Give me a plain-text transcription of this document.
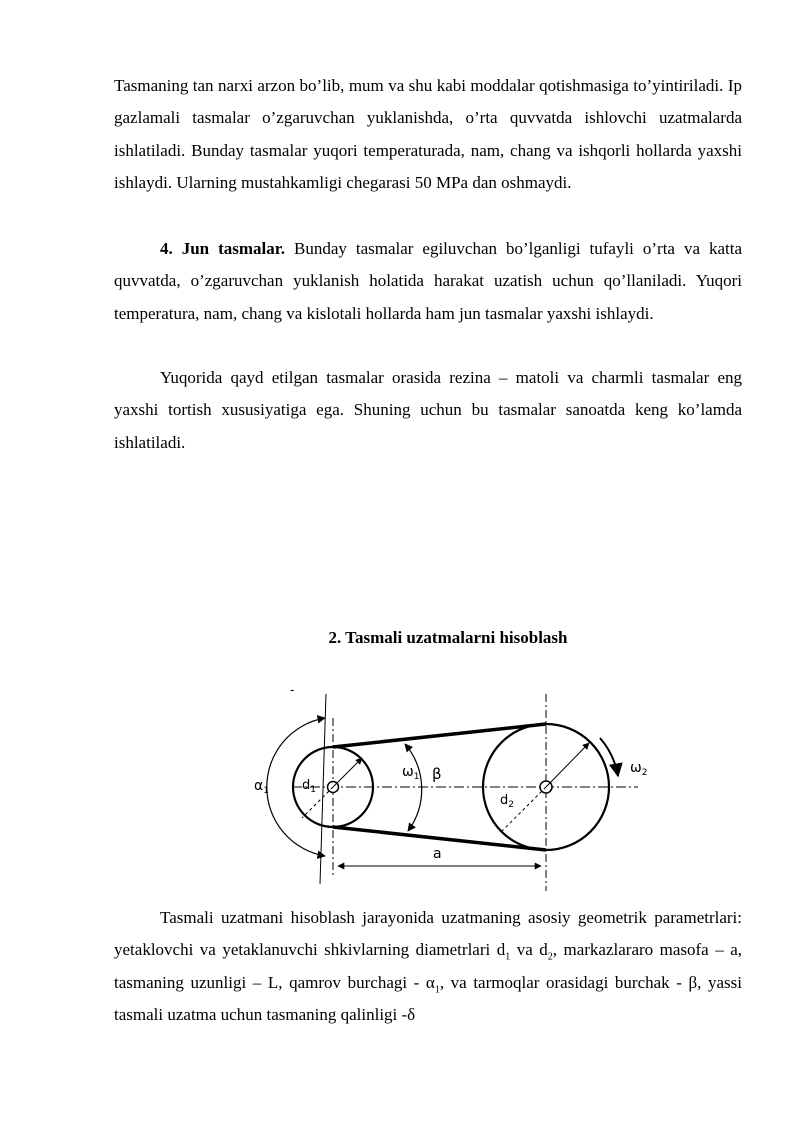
Tasmaning tan narxi arzon bo’lib, mum va shu kabi moddalar qotishmasiga to’yintiriladi. Ip gazlamali tasmalar o’zgaruvchan yuklanishda, o’rta quvvatda ishlovchi uzatmalarda ishlatiladi. Bunday tasmalar yuqori temperaturada, nam, chang va ishqorli hollarda yaxshi ishlaydi. Ularning mustahkamligi chegarasi 50 MPa dan oshmaydi.

4. Jun tasmalar. Bunday tasmalar egiluvchan bo’lganligi tufayli o’rta va katta quvvatda, o’zgaruvchan yuklanish holatida harakat uzatish uchun qo’llaniladi. Yuqori temperatura, nam, chang va kislotali hollarda ham jun tasmalar yaxshi ishlaydi.

Yuqorida qayd etilgan tasmalar orasida rezina – matoli va charmli tasmalar eng yaxshi tortish xususiyatiga ega. Shuning uchun bu tasmalar sanoatda keng ko’lamda ishlatiladi.

2. Tasmali uzatmalarni hisoblash
$\alpha_1$	$d_1$
$\omega_1$ β
$d_2$
$\omega_2$
a
-

Tasmali uzatmani hisoblash jarayonida uzatmaning asosiy geometrik parametrlari: yetaklovchi va yetaklanuvchi shkivlarning diametrlari $d_1$ va $d_2$, markazlararo masofa – a, tasmaning uzunligi – L, qamrov burchagi - $\alpha_1$, va tarmoqlar orasidagi burchak - β, yassi tasmali uzatma uchun tasmaning qalinligi -δ
